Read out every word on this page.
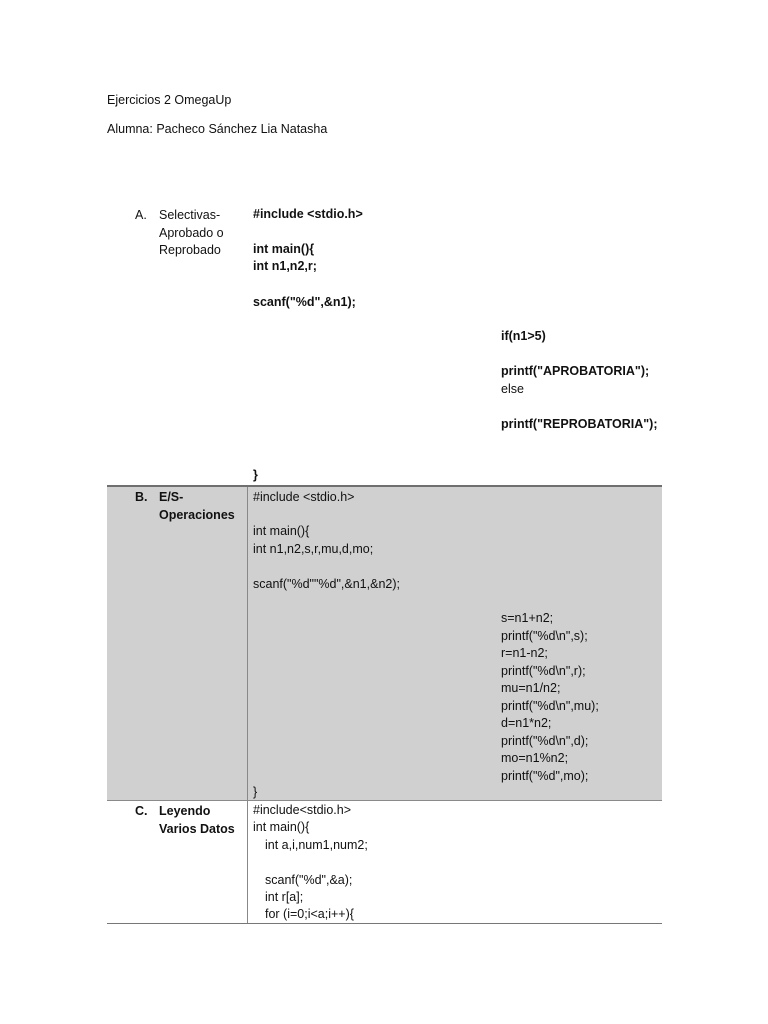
Ejercicios 2 OmegaUp

Alumna: Pacheco Sánchez Lia Natasha

A. Selectivas-
Aprobado o
Reprobado
#include <stdio.h>
int main(){
int n1,n2,r;
scanf("%d",&n1);
if(n1>5)
printf("APROBATORIA");
else
printf("REPROBATORIA");
}
B. E/S-
Operaciones
#include <stdio.h>
int main(){
int n1,n2,s,r,mu,d,mo;
scanf("%d""%d",&n1,&n2);
s=n1+n2;
printf("%d\n",s);
r=n1-n2;
printf("%d\n",r);
mu=n1/n2;
printf("%d\n",mu);
d=n1*n2;
printf("%d\n",d);
mo=n1%n2;
printf("%d",mo);
}
C. Leyendo
Varios Datos
#include<stdio.h>
int main(){
int a,i,num1,num2;
scanf("%d",&a);
int r[a];
for (i=0;i<a;i++){
